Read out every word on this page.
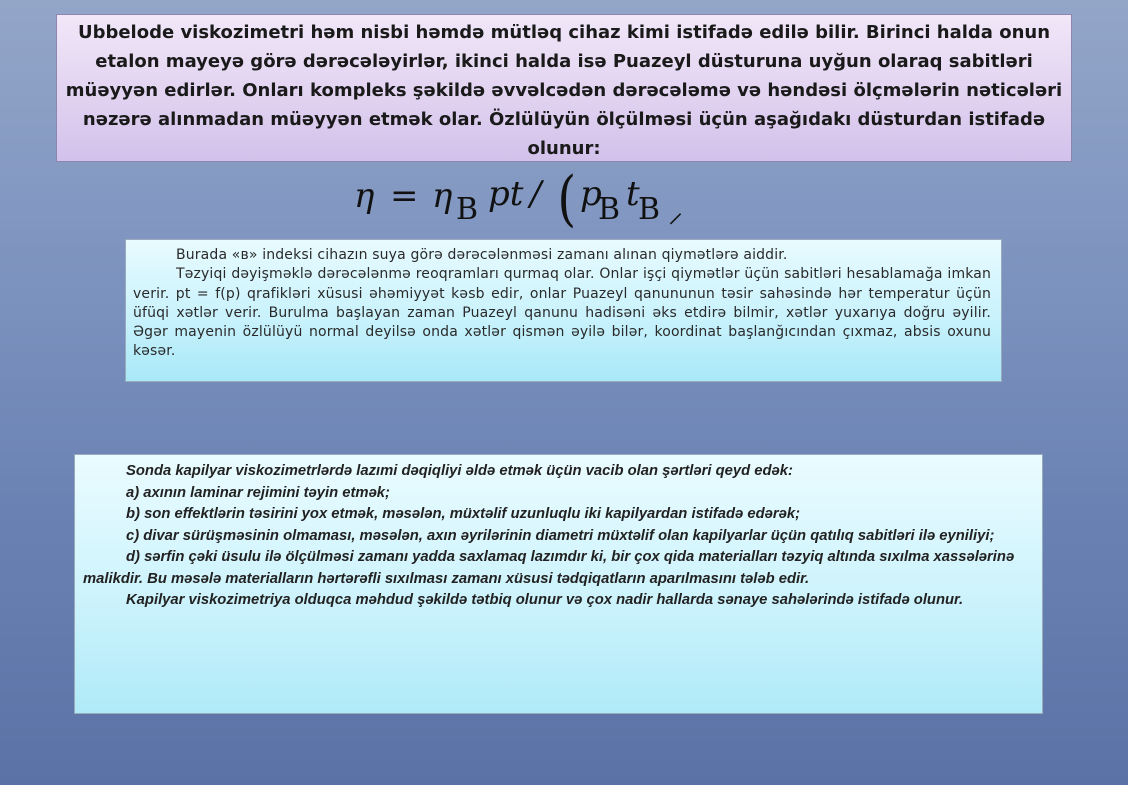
Ubbelode viskozimetri həm nisbi həmdə mütləq cihaz kimi istifadə edilə bilir. Birinci halda onun etalon mayeyə görə dərəcələyirlər, ikinci halda isə Puazeyl düsturuna uyğun olaraq sabitləri müəyyən edirlər. Onları kompleks şəkildə əvvəlcədən dərəcələmə və həndəsi ölçmələrin nəticələri nəzərə alınmadan müəyyən etmək olar. Özlülüyün ölçülməsi üçün aşağıdakı düsturdan istifadə olunur:

η = η B pt / ( p
B t
B ⸝

Burada «в» indeksi cihazın suya görə dərəcələnməsi zamanı alınan qiymətlərə aiddir.

Təzyiqi dəyişməklə dərəcələnmə reoqramları qurmaq olar. Onlar işçi qiymətlər üçün sabitləri hesablamağa imkan verir. pt = f(p) qrafikləri xüsusi əhəmiyyət kəsb edir, onlar Puazeyl qanununun təsir sahəsində hər temperatur üçün üfüqi xətlər verir. Burulma başlayan zaman Puazeyl qanunu hadisəni əks etdirə bilmir, xətlər yuxarıya doğru əyilir. Əgər mayenin özlülüyü normal deyilsə onda xətlər qismən əyilə bilər, koordinat başlanğıcından çıxmaz, absis oxunu kəsər.

Sonda kapilyar viskozimetrlərdə lazımi dəqiqliyi əldə etmək üçün vacib olan şərtləri qeyd edək:

a) axının laminar rejimini təyin etmək;

b) son effektlərin təsirini yox etmək, məsələn, müxtəlif uzunluqlu iki kapilyardan istifadə edərək;

c) divar sürüşməsinin olmaması, məsələn, axın əyrilərinin diametri müxtəlif olan kapilyarlar üçün qatılıq sabitləri ilə eyniliyi;

d) sərfin çəki üsulu ilə ölçülməsi zamanı yadda saxlamaq lazımdır ki, bir çox qida materialları təzyiq altında sıxılma xassələrinə malikdir. Bu məsələ materialların hərtərəfli sıxılması zamanı xüsusi tədqiqatların aparılmasını tələb edir.

Kapilyar viskozimetriya olduqca məhdud şəkildə tətbiq olunur və çox nadir hallarda sənaye sahələrində istifadə olunur.
